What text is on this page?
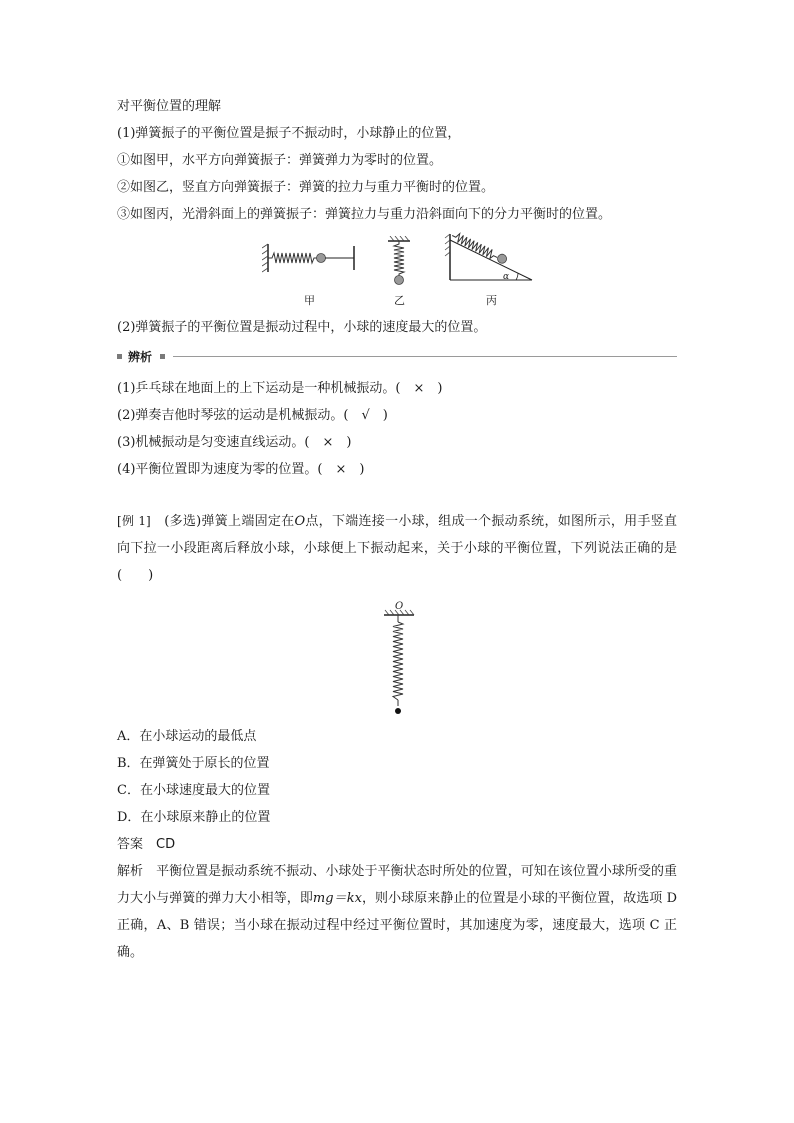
对平衡位置的理解
(1)弹簧振子的平衡位置是振子不振动时，小球静止的位置，
①如图甲，水平方向弹簧振子：弹簧弹力为零时的位置。
②如图乙，竖直方向弹簧振子：弹簧的拉力与重力平衡时的位置。
③如图丙，光滑斜面上的弹簧振子：弹簧拉力与重力沿斜面向下的分力平衡时的位置。
甲	乙
α
丙
(2)弹簧振子的平衡位置是振动过程中，小球的速度最大的位置。
辨析
(1)乒乓球在地面上的上下运动是一种机械振动。(　×　)
(2)弹奏吉他时琴弦的运动是机械振动。(　√　)
(3)机械振动是匀变速直线运动。(　×　)
(4)平衡位置即为速度为零的位置。(　×　)
[例 1]　(多选)弹簧上端固定在O点，下端连接一小球，组成一个振动系统，如图所示，用手竖直向下拉一小段距离后释放小球，小球便上下振动起来，关于小球的平衡位置，下列说法正确的是(　　)
O
A．在小球运动的最低点
B．在弹簧处于原长的位置
C．在小球速度最大的位置
D．在小球原来静止的位置
答案　 CD
解析　 平衡位置是振动系统不振动、小球处于平衡状态时所处的位置，可知在该位置小球所受的重力大小与弹簧的弹力大小相等，即mg＝kx，则小球原来静止的位置是小球的平衡位置，故选项 D 正确，A、B 错误；当小球在振动过程中经过平衡位置时，其加速度为零，速度最大，选项 C 正确。
